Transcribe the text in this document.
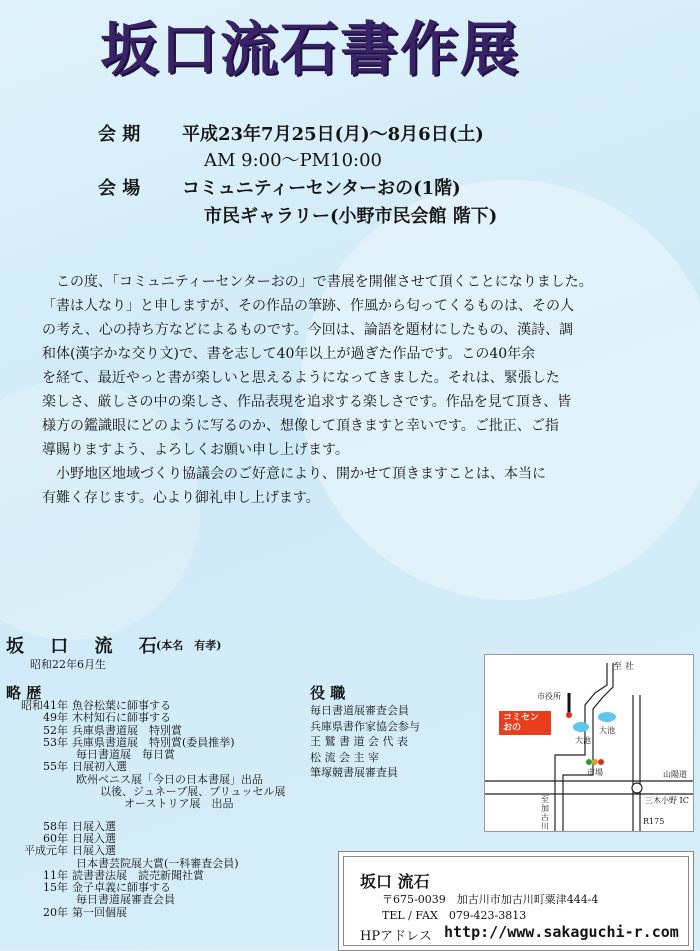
坂口流石書作展
会 期 平成23年7月25日(月)〜8月6日(土)
AM 9:00〜PM10:00
会 場 コミュニティーセンターおの(1階)
市民ギャラリー(小野市民会館 階下)

この度、「コミュニティーセンターおの」で書展を開催させて頂くことになりました。

「書は人なり」と申しますが、その作品の筆跡、作風から匂ってくるものは、その人

の考え、心の持ち方などによるものです。今回は、論語を題材にしたもの、漢詩、調

和体(漢字かな交り文)で、書を志して40年以上が過ぎた作品です。この40年余

を経て、最近やっと書が楽しいと思えるようになってきました。それは、緊張した

楽しさ、厳しさの中の楽しさ、作品表現を追求する楽しさです。作品を見て頂き、皆

様方の鑑識眼にどのように写るのか、想像して頂きますと幸いです。ご批正、ご指

導賜りますよう、よろしくお願い申し上げます。

小野地区地域づくり協議会のご好意により、開かせて頂きますことは、本当に

有難く存じます。心より御礼申し上げます。

坂 口 流 石
(本名　有孝)
昭和22年6月生
略 歴
昭和41年 魚谷松葉に師事する
49年 木村知石に師事する
52年 兵庫県書道展　特別賞
53年 兵庫県書道展　特別賞(委員推挙)
毎日書道展　毎日賞
55年 日展初入選
欧州ベニス展「今日の日本書展」出品
以後、ジュネーブ展、ブリュッセル展
オーストリア展　出品
58年 日展入選
60年 日展入選
平成元年 日展入選
日本書芸院展大賞(一科審査会員)
11年 読書書法展　読売新聞社賞
15年 金子卓義に師事する
毎日書道展審査会員
20年 第一回個展
役 職
毎日書道展審査会員
兵庫県書作家協会参与
王 鷲 書 道 会 代 表
松 流 会 主 宰
筆塚競書展審査員
至 社
市役所
コミセン
おの	大池
大池
市場	山陽道
三木小野 IC
至
加
古
川
R175
坂口 流石
〒675-0039　加古川市加古川町粟津444-4
TEL / FAX　079-423-3813
HPアドレス http://www.sakaguchi-r.com
